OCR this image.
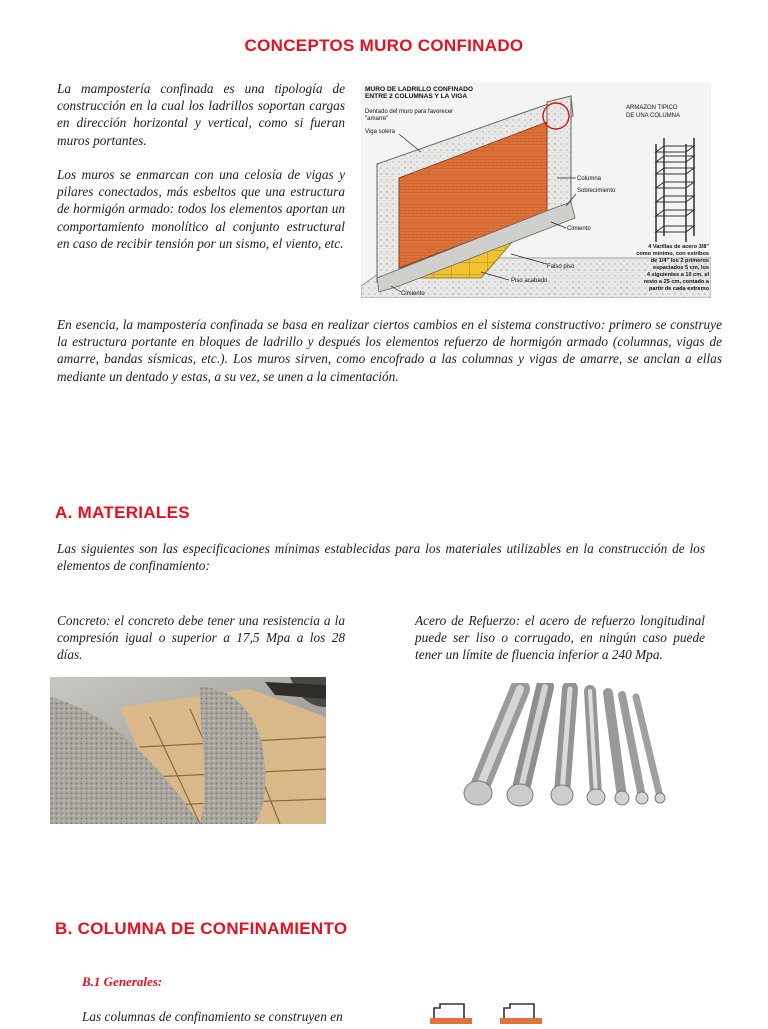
CONCEPTOS MURO CONFINADO
La mampostería confinada es una tipología de construcción en la cual los ladrillos soportan cargas en dirección horizontal y vertical, como si fueran muros portantes.
Los muros se enmarcan con una celosía de vigas y pilares conectados, más esbeltos que una estructura de hormigón armado: todos los elementos aportan un comportamiento monolítico al conjunto estructural en caso de recibir tensión por un sismo, el viento, etc.
MURO DE LADRILLO CONFINADO
ENTRE 2 COLUMNAS Y LA VIGA
Dentado del muro para favorecer
"amarre"
Viga solera
Columna
Sobrecimiento
Cimiento
Falso piso
Piso acabado
Cimiento
ARMAZON TIPICO
DE UNA COLUMNA
4 Varillas de acero 3/8"
como mínimo, con estribos
de 1/4" los 2 primeros
espaciados 5 cm, los
4 siguientes a 10 cm, el
resto a 25 cm, contado a
partir de cada extremo
En esencia, la mampostería confinada se basa en realizar ciertos cambios en el sistema constructivo: primero se construye la estructura portante en bloques de ladrillo y después los elementos refuerzo de hormigón armado (columnas, vigas de amarre, bandas sísmicas, etc.). Los muros sirven, como encofrado a las columnas y vigas de amarre, se anclan a ellas mediante un dentado y estas, a su vez, se unen a la cimentación.
A. MATERIALES
Las siguientes son las especificaciones mínimas establecidas para los materiales utilizables en la construcción de los elementos de confinamiento:
Concreto: el concreto debe tener una resistencia a la compresión igual o superior a 17,5 Mpa a los 28 días.
Acero de Refuerzo: el acero de refuerzo longitudinal puede ser liso o corrugado, en ningún caso puede tener un límite de fluencia inferior a 240 Mpa.
B. COLUMNA DE CONFINAMIENTO
B.1 Generales:
Las columnas de confinamiento se construyen en
